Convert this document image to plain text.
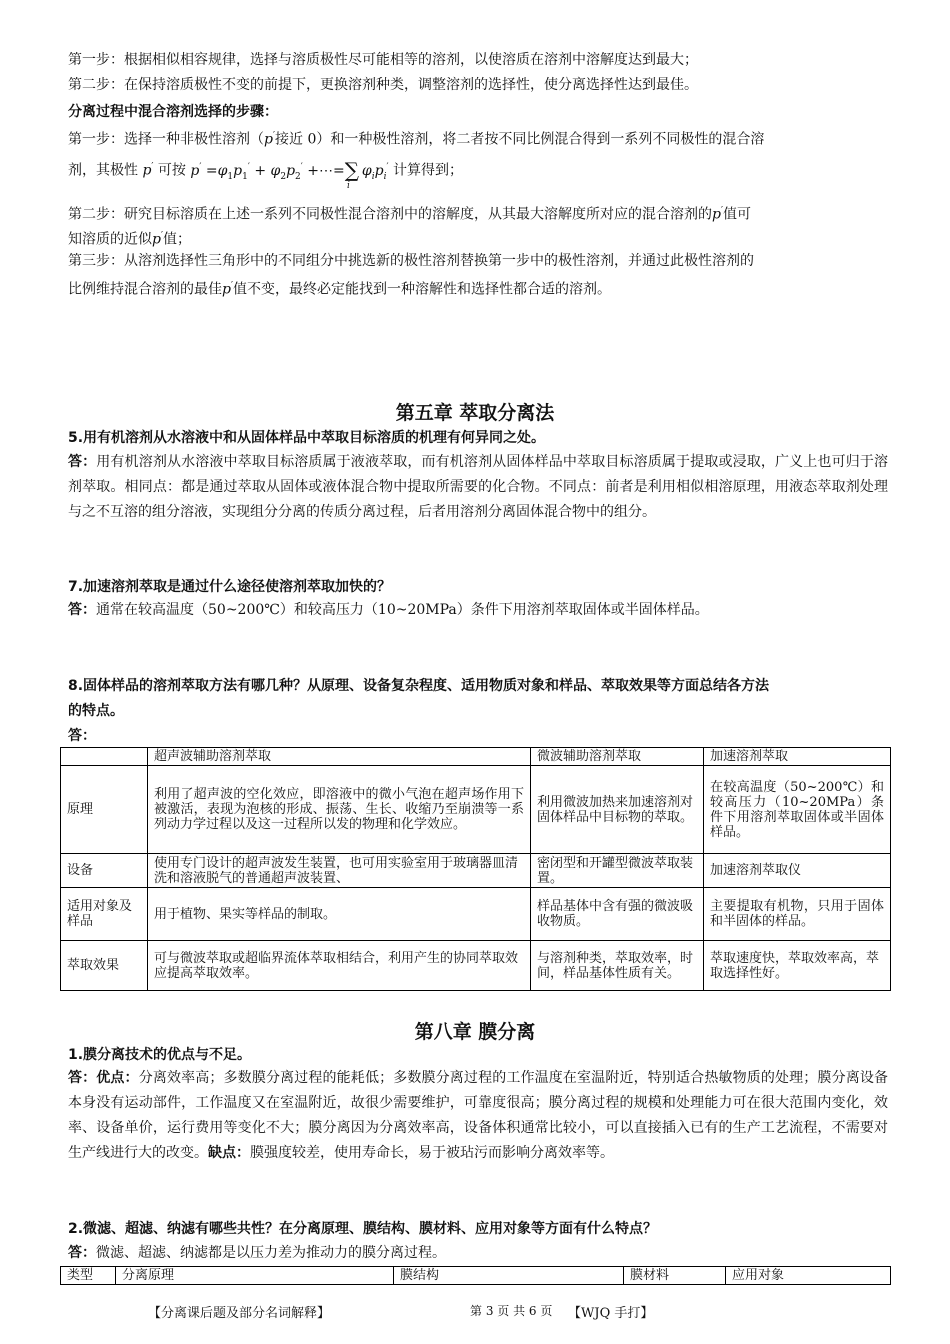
第一步：根据相似相容规律，选择与溶质极性尽可能相等的溶剂，以使溶质在溶剂中溶解度达到最大；
第二步：在保持溶质极性不变的前提下，更换溶剂种类，调整溶剂的选择性，使分离选择性达到最佳。
分离过程中混合溶剂选择的步骤：
第一步：选择一种非极性溶剂（p′接近 0）和一种极性溶剂，将二者按不同比例混合得到一系列不同极性的混合溶
剂，其极性 p′ 可按 $p' =\varphi_1p_1' + \varphi_2p_2'$ $+\cdots=\sum_i\varphi_ip_i'$ 计算得到；
第二步：研究目标溶质在上述一系列不同极性混合溶剂中的溶解度，从其最大溶解度所对应的混合溶剂的p′值可
知溶质的近似p′值；
第三步：从溶剂选择性三角形中的不同组分中挑选新的极性溶剂替换第一步中的极性溶剂，并通过此极性溶剂的
比例维持混合溶剂的最佳p′值不变，最终必定能找到一种溶解性和选择性都合适的溶剂。
第五章 萃取分离法
5.用有机溶剂从水溶液中和从固体样品中萃取目标溶质的机理有何异同之处。
答：用有机溶剂从水溶液中萃取目标溶质属于液液萃取，而有机溶剂从固体样品中萃取目标溶质属于提取或浸取，广义上也可归于溶剂萃取。相同点：都是通过萃取从固体或液体混合物中提取所需要的化合物。不同点：前者是利用相似相溶原理，用液态萃取剂处理与之不互溶的组分溶液，实现组分分离的传质分离过程，后者用溶剂分离固体混合物中的组分。
7.加速溶剂萃取是通过什么途径使溶剂萃取加快的？
答：通常在较高温度（50~200℃）和较高压力（10~20MPa）条件下用溶剂萃取固体或半固体样品。
8.固体样品的溶剂萃取方法有哪几种？从原理、设备复杂程度、适用物质对象和样品、萃取效果等方面总结各方法
的特点。
答：
	超声波辅助溶剂萃取	微波辅助溶剂萃取	加速溶剂萃取
原理	利用了超声波的空化效应，即溶液中的微小气泡在超声场作用下被激活，表现为泡核的形成、振荡、生长、收缩乃至崩溃等一系列动力学过程以及这一过程所以发的物理和化学效应。	利用微波加热来加速溶剂对固体样品中目标物的萃取。	在较高温度（50~200℃）和较高压力（10~20MPa）条件下用溶剂萃取固体或半固体样品。
设备	使用专门设计的超声波发生装置，也可用实验室用于玻璃器皿清洗和溶液脱气的普通超声波装置、	密闭型和开罐型微波萃取装置。	加速溶剂萃取仪
适用对象及样品	用于植物、果实等样品的制取。	样品基体中含有强的微波吸收物质。	主要提取有机物，只用于固体和半固体的样品。
萃取效果	可与微波萃取或超临界流体萃取相结合，利用产生的协同萃取效应提高萃取效率。	与溶剂种类，萃取效率，时间，样品基体性质有关。	萃取速度快，萃取效率高，萃取选择性好。
第八章 膜分离
1.膜分离技术的优点与不足。
答：优点：分离效率高；多数膜分离过程的能耗低；多数膜分离过程的工作温度在室温附近，特别适合热敏物质的处理；膜分离设备本身没有运动部件，工作温度又在室温附近，故很少需要维护，可靠度很高；膜分离过程的规模和处理能力可在很大范围内变化，效率、设备单价，运行费用等变化不大；膜分离因为分离效率高，设备体积通常比较小，可以直接插入已有的生产工艺流程，不需要对生产线进行大的改变。缺点：膜强度较差，使用寿命长，易于被玷污而影响分离效率等。
2.微滤、超滤、纳滤有哪些共性？在分离原理、膜结构、膜材料、应用对象等方面有什么特点？
答：微滤、超滤、纳滤都是以压力差为推动力的膜分离过程。
类型	分离原理	膜结构	膜材料	应用对象
【分离课后题及部分名词解释】	第 3 页 共 6 页 【WJQ 手打】
